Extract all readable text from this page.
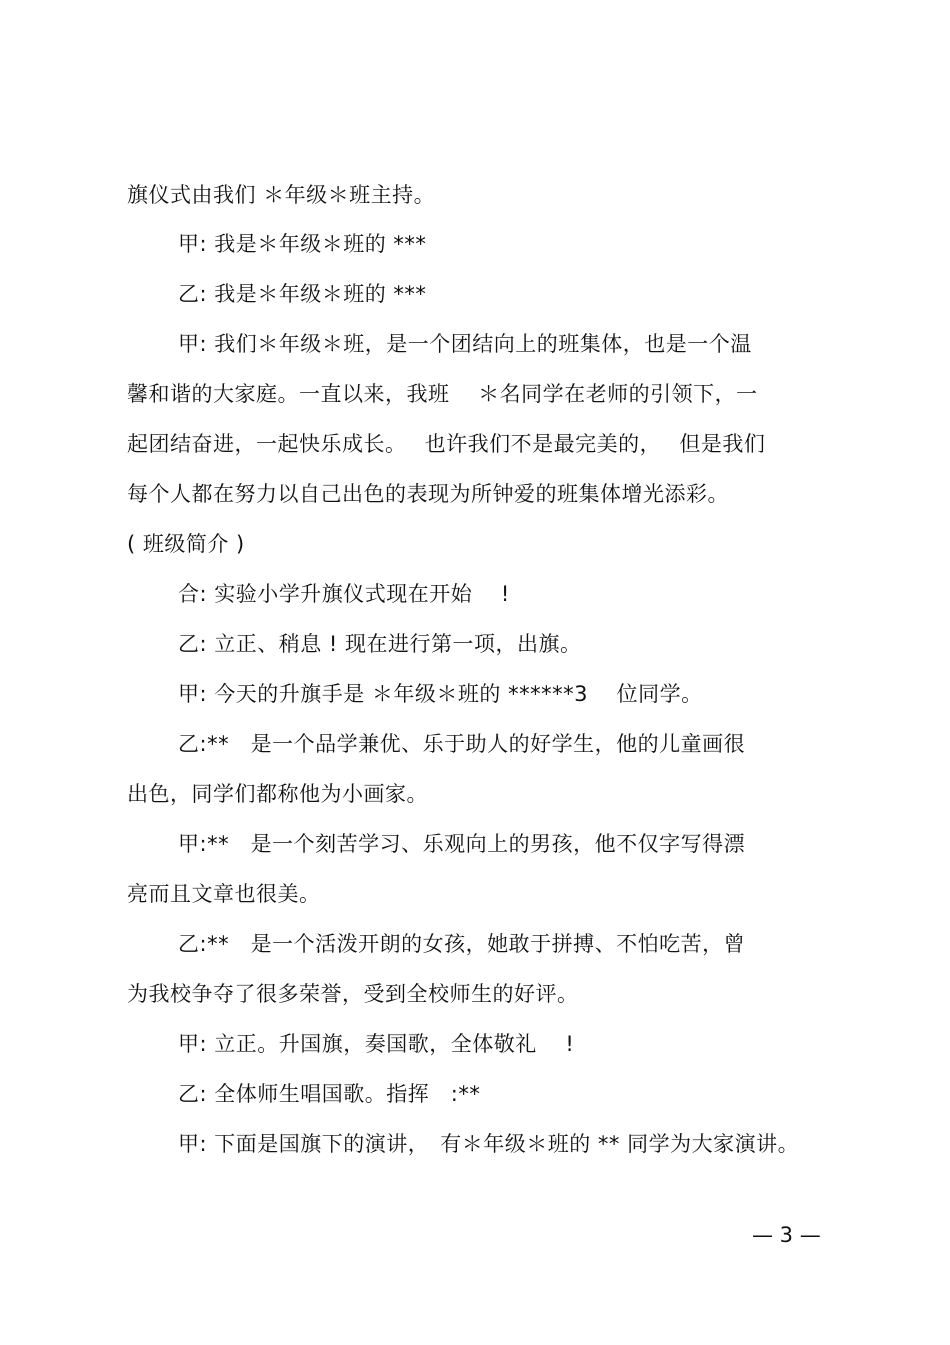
旗仪式由我们 ＊年级＊班主持。
甲: 我是＊年级＊班的 ***
乙: 我是＊年级＊班的 ***
甲: 我们＊年级＊班，是一个团结向上的班集体，也是一个温
馨和谐的大家庭。一直以来，我班　 ＊名同学在老师的引领下，一
起团结奋进，一起快乐成长。　 也许我们不是最完美的，　 但是我们
每个人都在努力以自己出色的表现为所钟爱的班集体增光添彩。
( 班级简介 )
合: 实验小学升旗仪式现在开始　 !
乙: 立正、稍息 ! 现在进行第一项，出旗。
甲: 今天的升旗手是 ＊年级＊班的 ******3　 位同学。
乙:**　是一个品学兼优、乐于助人的好学生，他的儿童画很
出色，同学们都称他为小画家。
甲:**　是一个刻苦学习、乐观向上的男孩，他不仅字写得漂
亮而且文章也很美。
乙:**　是一个活泼开朗的女孩，她敢于拼搏、不怕吃苦，曾
为我校争夺了很多荣誉，受到全校师生的好评。
甲: 立正。升国旗，奏国歌，全体敬礼　 !
乙: 全体师生唱国歌。指挥　:**
甲: 下面是国旗下的演讲，　有＊年级＊班的 ** 同学为大家演讲。
— 3 —
